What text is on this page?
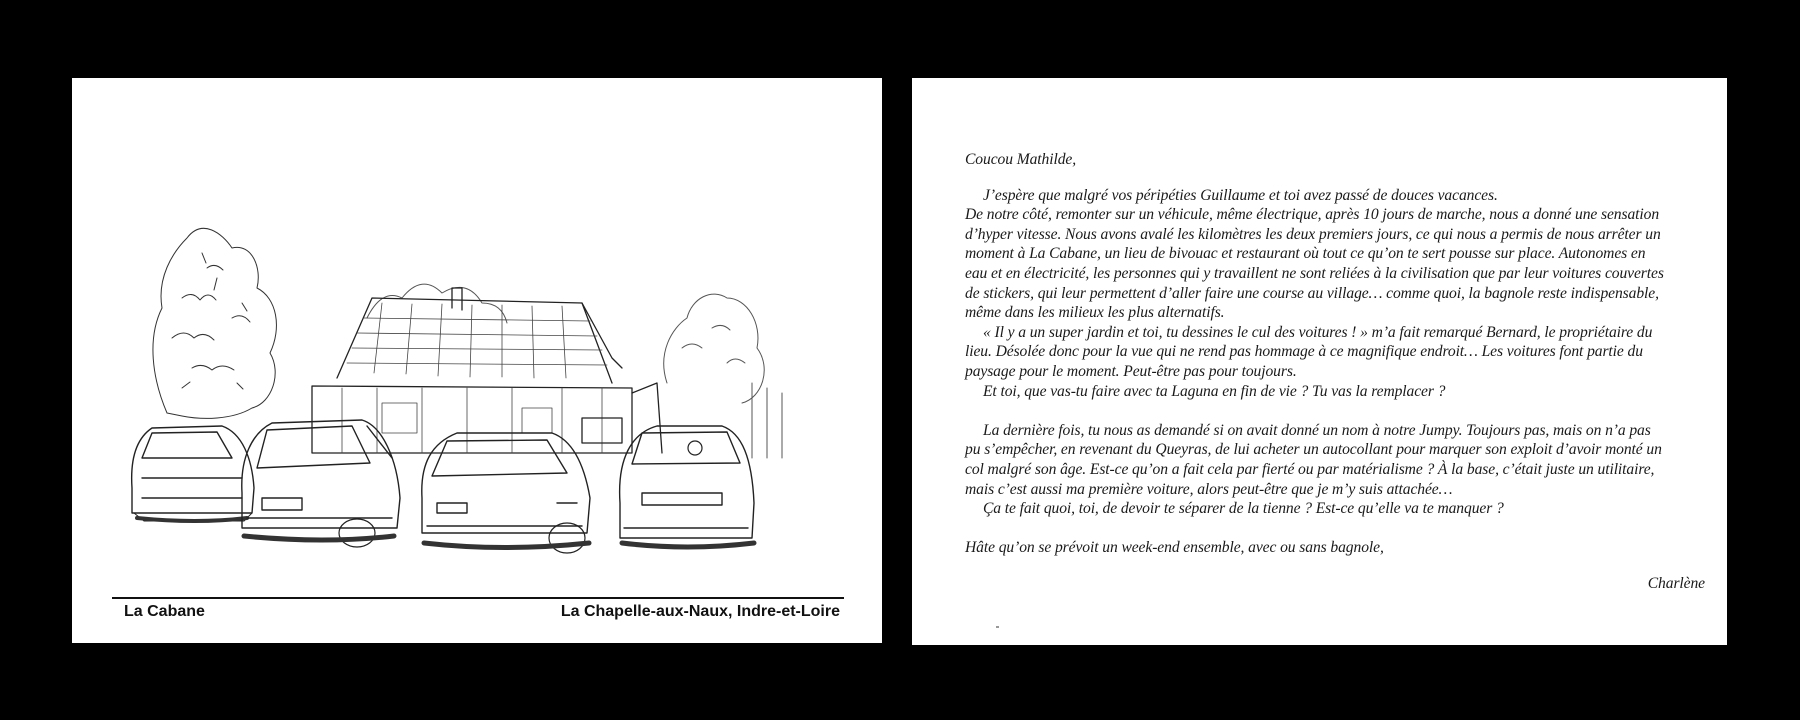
La Cabane	La Chapelle-aux-Naux, Indre-et-Loire

Coucou Mathilde,

J’espère que malgré vos péripéties Guillaume et toi avez passé de douces vacances.

De notre côté, remonter sur un véhicule, même électrique, après 10 jours de marche, nous a donné une sensation d’hyper vitesse. Nous avons avalé les kilomètres les deux premiers jours, ce qui nous a permis de nous arrêter un moment à La Cabane, un lieu de bivouac et restaurant où tout ce qu’on te sert pousse sur place. Autonomes en eau et en électricité, les personnes qui y travaillent ne sont reliées à la civilisation que par leur voitures couvertes de stickers, qui leur permettent d’aller faire une course au village… comme quoi, la bagnole reste indispensable, même dans les milieux les plus alternatifs.

« Il y a un super jardin et toi, tu dessines le cul des voitures ! » m’a fait remarqué Bernard, le propriétaire du lieu. Désolée donc pour la vue qui ne rend pas hommage à ce magnifique endroit… Les voitures font partie du paysage pour le moment. Peut-être pas pour toujours.

Et toi, que vas-tu faire avec ta Laguna en fin de vie ? Tu vas la remplacer ?

La dernière fois, tu nous as demandé si on avait donné un nom à notre Jumpy. Toujours pas, mais on n’a pas pu s’empêcher, en revenant du Queyras, de lui acheter un autocollant pour marquer son exploit d’avoir monté un col malgré son âge. Est-ce qu’on a fait cela par fierté ou par matérialisme ? À la base, c’était juste un utilitaire, mais c’est aussi ma première voiture, alors peut-être que je m’y suis attachée…

Ça te fait quoi, toi, de devoir te séparer de la tienne ? Est-ce qu’elle va te manquer ?

Hâte qu’on se prévoit un week-end ensemble, avec ou sans bagnole,

Charlène
